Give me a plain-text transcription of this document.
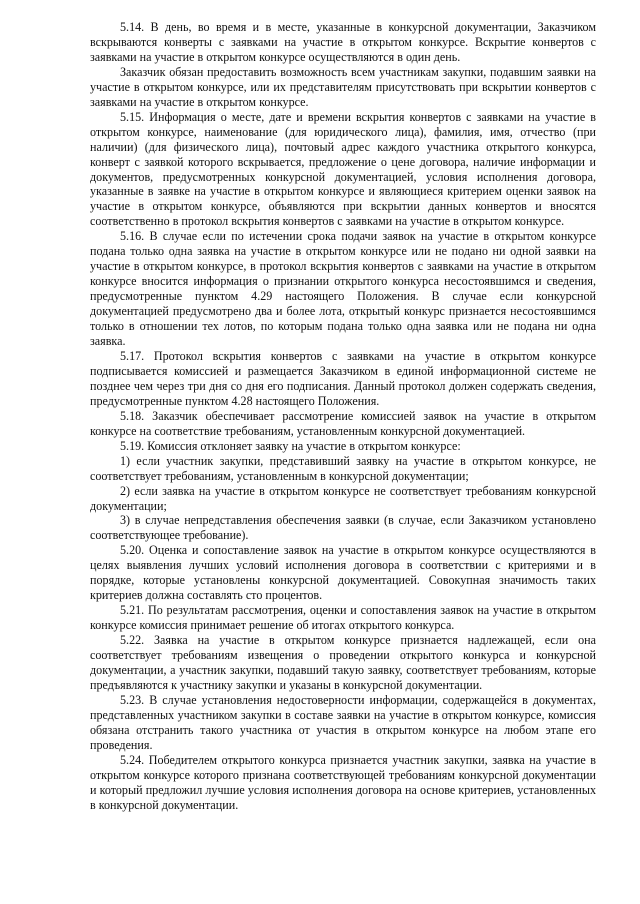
5.14. В день, во время и в месте, указанные в конкурсной документации, Заказчиком вскрываются конверты с заявками на участие в открытом конкурсе. Вскрытие конвертов с заявками на участие в открытом конкурсе осуществляются в один день.

Заказчик обязан предоставить возможность всем участникам закупки, подавшим заявки на участие в открытом конкурсе, или их представителям присутствовать при вскрытии конвертов с заявками на участие в открытом конкурсе.

5.15. Информация о месте, дате и времени вскрытия конвертов с заявками на участие в открытом конкурсе, наименование (для юридического лица), фамилия, имя, отчество (при наличии) (для физического лица), почтовый адрес каждого участника открытого конкурса, конверт с заявкой которого вскрывается, предложение о цене договора, наличие информации и документов, предусмотренных конкурсной документацией, условия исполнения договора, указанные в заявке на участие в открытом конкурсе и являющиеся критерием оценки заявок на участие в открытом конкурсе, объявляются при вскрытии данных конвертов и вносятся соответственно в протокол вскрытия конвертов с заявками на участие в открытом конкурсе.

5.16. В случае если по истечении срока подачи заявок на участие в открытом конкурсе подана только одна заявка на участие в открытом конкурсе или не подано ни одной заявки на участие в открытом конкурсе, в протокол вскрытия конвертов с заявками на участие в открытом конкурсе вносится информация о признании открытого конкурса несостоявшимся и сведения, предусмотренные пунктом 4.29 настоящего Положения. В случае если конкурсной документацией предусмотрено два и более лота, открытый конкурс признается несостоявшимся только в отношении тех лотов, по которым подана только одна заявка или не подана ни одна заявка.

5.17. Протокол вскрытия конвертов с заявками на участие в открытом конкурсе подписывается комиссией и размещается Заказчиком в единой информационной системе не позднее чем через три дня со дня его подписания. Данный протокол должен содержать сведения, предусмотренные пунктом 4.28 настоящего Положения.

5.18. Заказчик обеспечивает рассмотрение комиссией заявок на участие в открытом конкурсе на соответствие требованиям, установленным конкурсной документацией.

5.19. Комиссия отклоняет заявку на участие в открытом конкурсе:

1) если участник закупки, представивший заявку на участие в открытом конкурсе, не соответствует требованиям, установленным в конкурсной документации;

2) если заявка на участие в открытом конкурсе не соответствует требованиям конкурсной документации;

3) в случае непредставления обеспечения заявки (в случае, если Заказчиком установлено соответствующее требование).

5.20. Оценка и сопоставление заявок на участие в открытом конкурсе осуществляются в целях выявления лучших условий исполнения договора в соответствии с критериями и в порядке, которые установлены конкурсной документацией. Совокупная значимость таких критериев должна составлять сто процентов.

5.21. По результатам рассмотрения, оценки и сопоставления заявок на участие в открытом конкурсе комиссия принимает решение об итогах открытого конкурса.

5.22. Заявка на участие в открытом конкурсе признается надлежащей, если она соответствует требованиям извещения о проведении открытого конкурса и конкурсной документации, а участник закупки, подавший такую заявку, соответствует требованиям, которые предъявляются к участнику закупки и указаны в конкурсной документации.

5.23. В случае установления недостоверности информации, содержащейся в документах, представленных участником закупки в составе заявки на участие в открытом конкурсе, комиссия обязана отстранить такого участника от участия в открытом конкурсе на любом этапе его проведения.

5.24. Победителем открытого конкурса признается участник закупки, заявка на участие в открытом конкурсе которого признана соответствующей требованиям конкурсной документации и который предложил лучшие условия исполнения договора на основе критериев, установленных в конкурсной документации.
